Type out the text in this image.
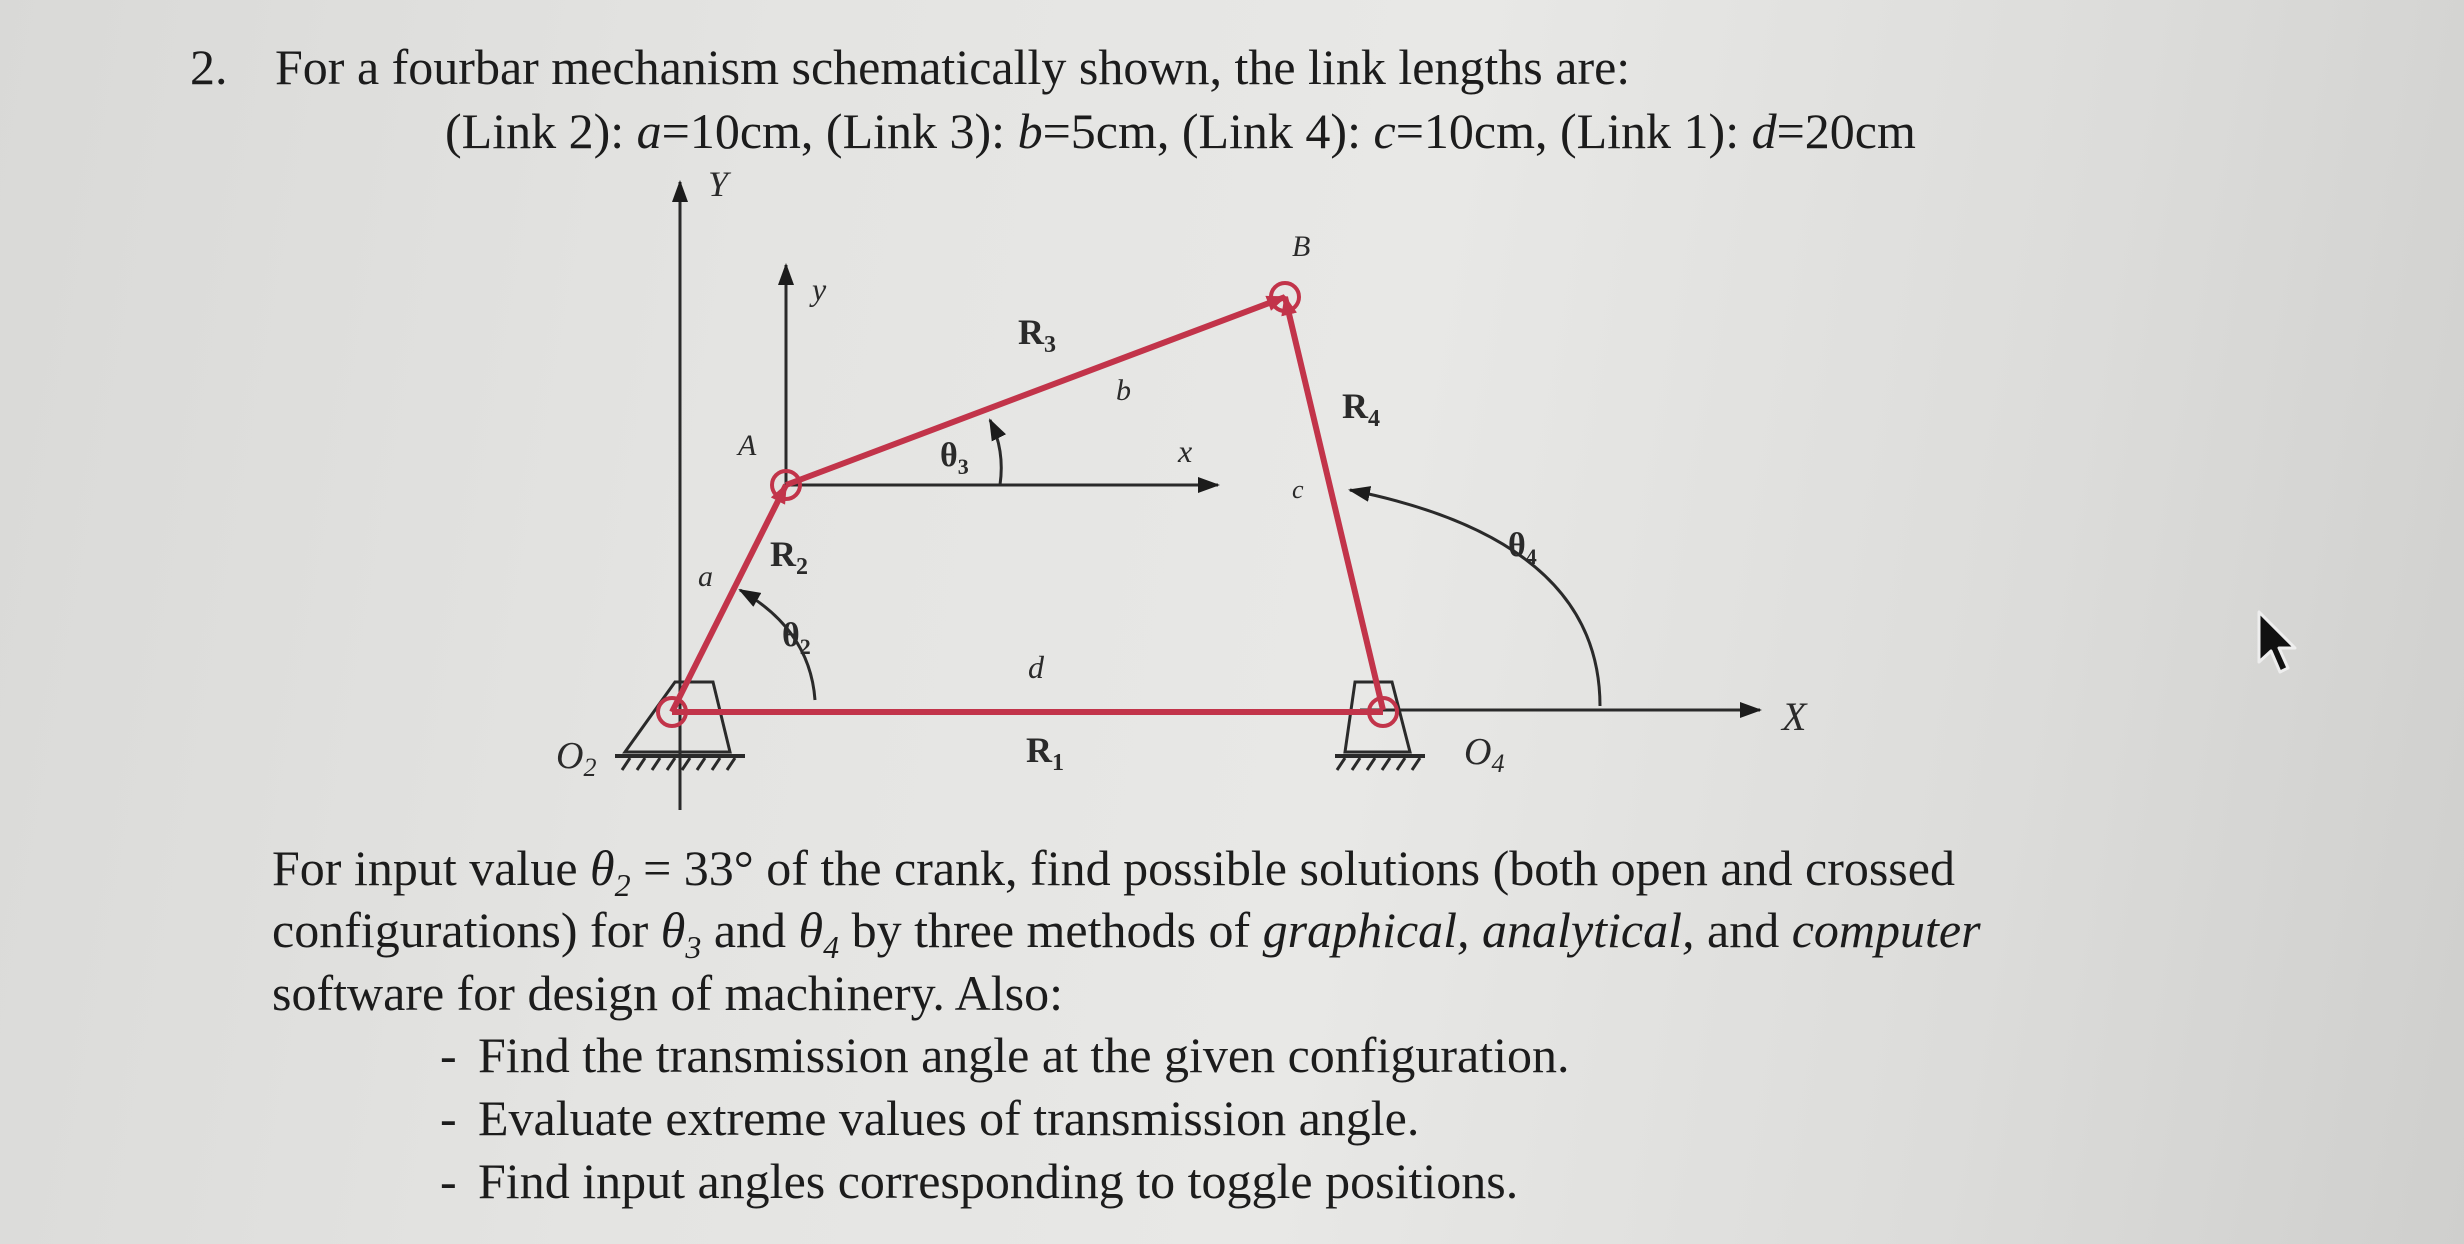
2. For a fourbar mechanism schematically shown, the link lengths are:
(Link 2): a=10cm, (Link 3): b=5cm, (Link 4): c=10cm, (Link 1): d=20cm
Y
y
x
X
A
B
a
b
c
d
$R_1$
$R_2$
$R_3$
$R_4$
$\theta_2$
$\theta_3$
$\theta_4$
$O_2$	$O_4$
For input value $\theta_2 = 33^\circ$ of the crank, find possible solutions (both open and crossed
configurations) for $\theta_3$ and $\theta_4$ by three methods of graphical, analytical, and computer
software for design of machinery. Also:
- Find the transmission angle at the given configuration.
- Evaluate extreme values of transmission angle.
- Find input angles corresponding to toggle positions.
